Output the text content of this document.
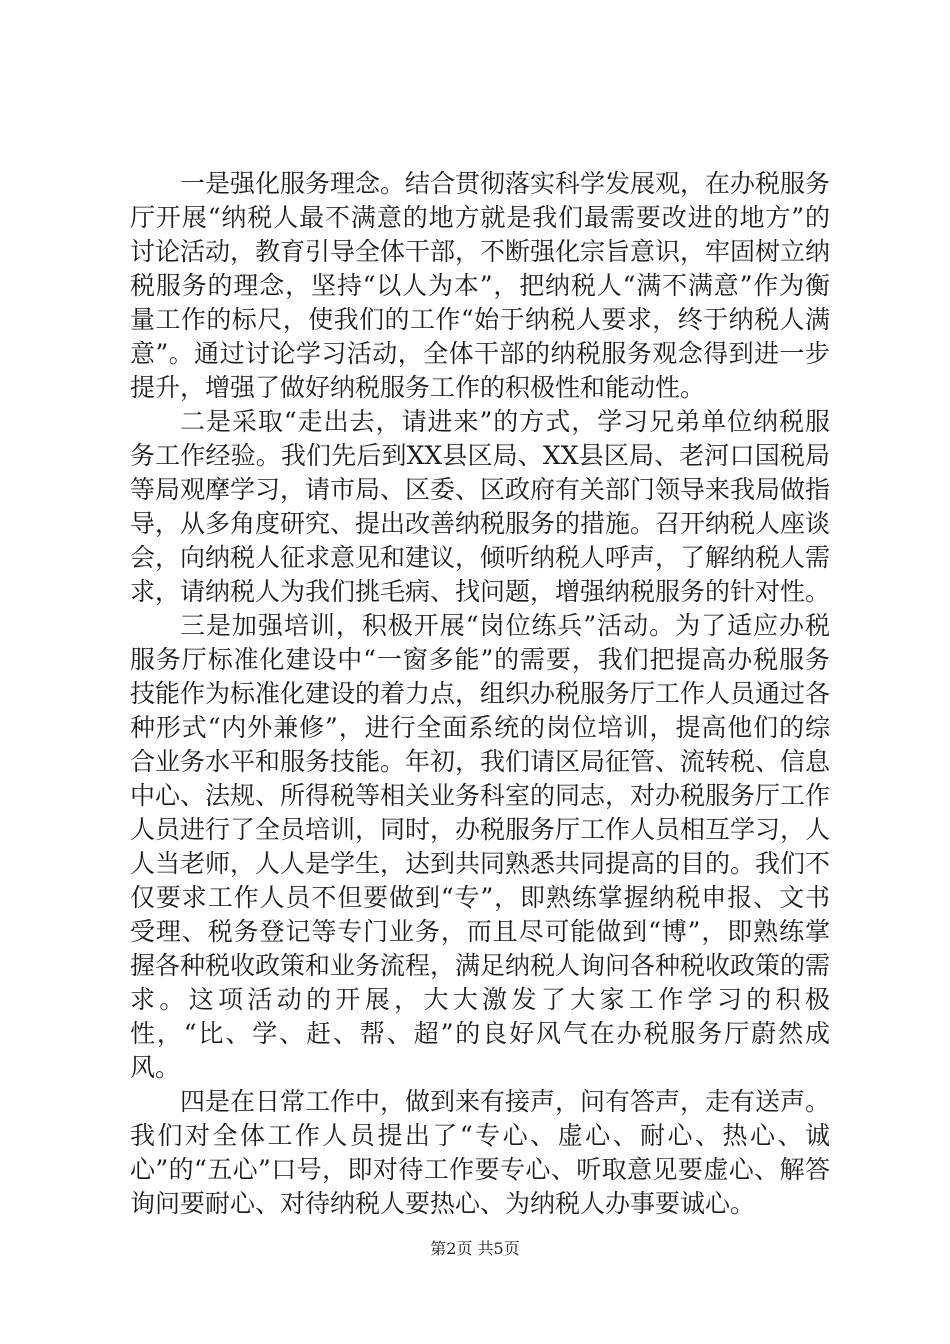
一是强化服务理念。结合贯彻落实科学发展观，在办税服务厅开展“纳税人最不满意的地方就是我们最需要改进的地方”的讨论活动，教育引导全体干部，不断强化宗旨意识，牢固树立纳税服务的理念，坚持“以人为本”，把纳税人“满不满意”作为衡量工作的标尺，使我们的工作“始于纳税人要求，终于纳税人满意”。通过讨论学习活动，全体干部的纳税服务观念得到进一步提升，增强了做好纳税服务工作的积极性和能动性。

二是采取“走出去，请进来”的方式，学习兄弟单位纳税服务工作经验。我们先后到XX县区局、XX县区局、老河口国税局等局观摩学习，请市局、区委、区政府有关部门领导来我局做指导，从多角度研究、提出改善纳税服务的措施。召开纳税人座谈会，向纳税人征求意见和建议，倾听纳税人呼声，了解纳税人需求，请纳税人为我们挑毛病、找问题，增强纳税服务的针对性。

三是加强培训，积极开展“岗位练兵”活动。为了适应办税服务厅标准化建设中“一窗多能”的需要，我们把提高办税服务技能作为标准化建设的着力点，组织办税服务厅工作人员通过各种形式“内外兼修”，进行全面系统的岗位培训，提高他们的综合业务水平和服务技能。年初，我们请区局征管、流转税、信息中心、法规、所得税等相关业务科室的同志，对办税服务厅工作人员进行了全员培训，同时，办税服务厅工作人员相互学习，人人当老师，人人是学生，达到共同熟悉共同提高的目的。我们不仅要求工作人员不但要做到“专”，即熟练掌握纳税申报、文书受理、税务登记等专门业务，而且尽可能做到“博”，即熟练掌握各种税收政策和业务流程，满足纳税人询问各种税收政策的需求。这项活动的开展，大大激发了大家工作学习的积极性，“比、学、赶、帮、超”的良好风气在办税服务厅蔚然成风。

四是在日常工作中，做到来有接声，问有答声，走有送声。我们对全体工作人员提出了“专心、虚心、耐心、热心、诚心”的“五心”口号，即对待工作要专心、听取意见要虚心、解答询问要耐心、对待纳税人要热心、为纳税人办事要诚心。

第2页 共5页
